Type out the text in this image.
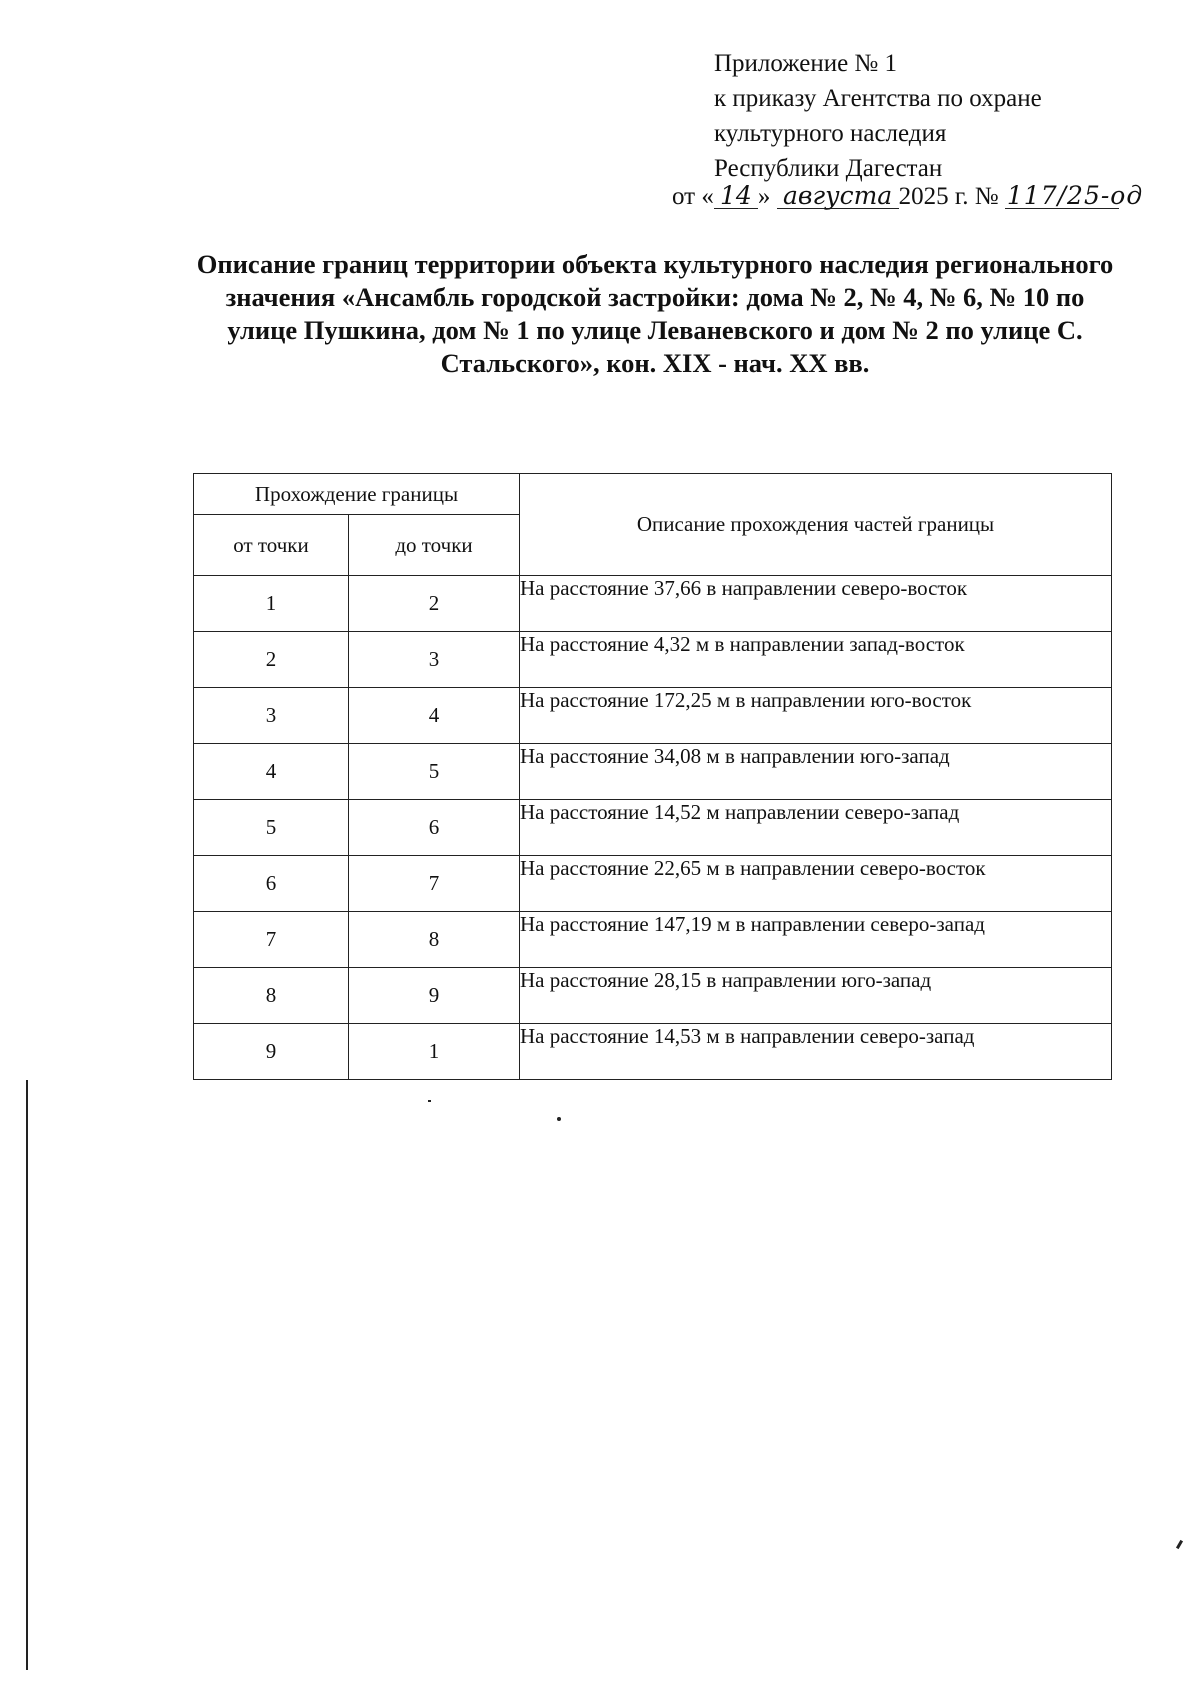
Приложение № 1
к приказу Агентства по охране
культурного наследия
Республики Дагестан
от « 14 » августа 2025 г. № 117/25-од
Описание границ территории объекта культурного наследия регионального значения «Ансамбль городской застройки: дома № 2, № 4, № 6, № 10 по улице Пушкина, дом № 1 по улице Леваневского и дом № 2 по улице С. Стальского», кон. XIX - нач. XX вв.
Прохождение границы		Описание прохождения частей границы
от точки	до точки	
1	2	На расстояние 37,66 в направлении северо-восток
2	3	На расстояние 4,32 м в направлении запад-восток
3	4	На расстояние 172,25 м в направлении юго-восток
4	5	На расстояние 34,08 м в направлении юго-запад
5	6	На расстояние 14,52 м направлении северо-запад
6	7	На расстояние 22,65 м в направлении северо-восток
7	8	На расстояние 147,19 м в направлении северо-запад
8	9	На расстояние 28,15 в направлении юго-запад
9	1	На расстояние 14,53 м в направлении северо-запад
